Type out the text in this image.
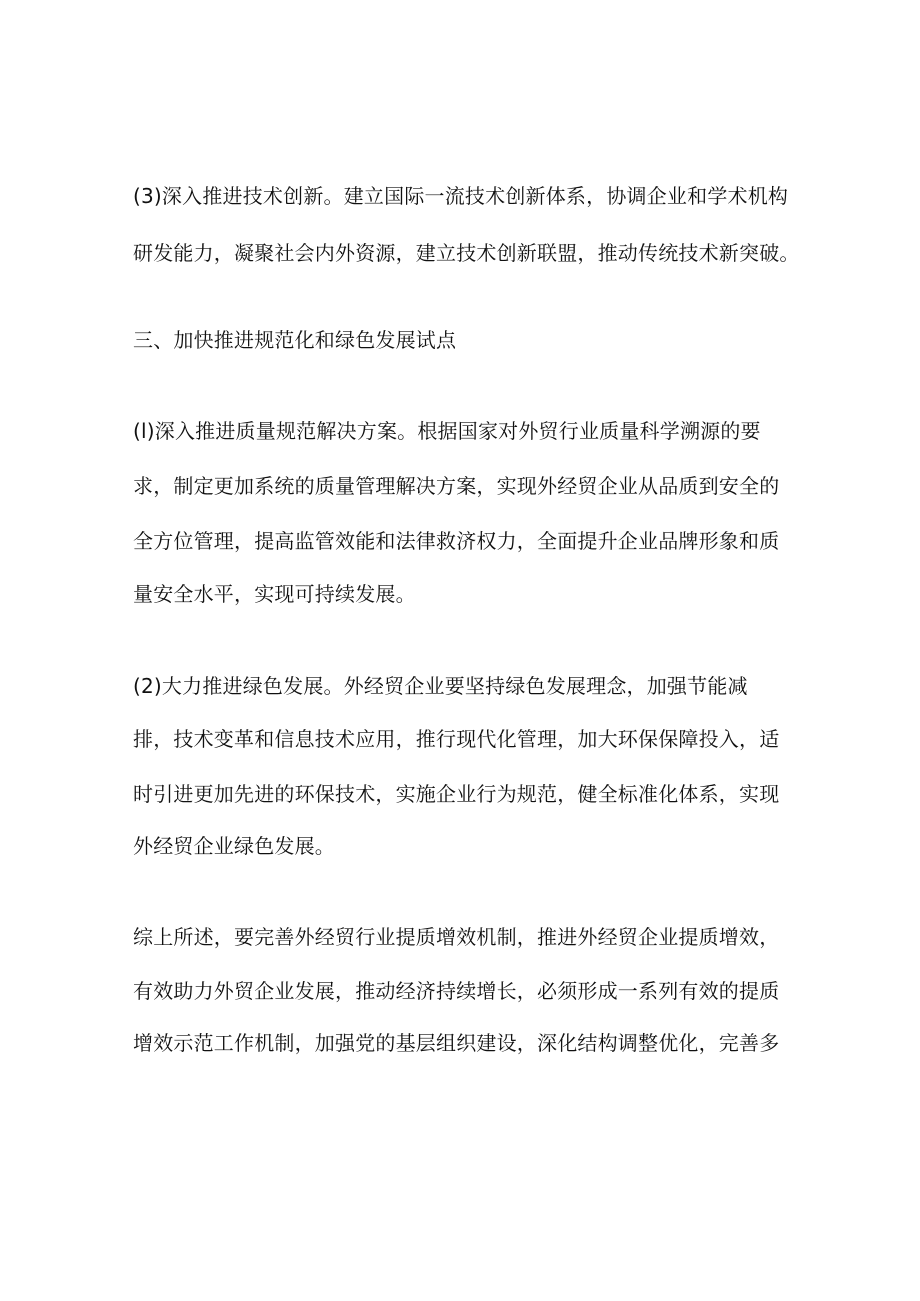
(3)深入推进技术创新。建立国际一流技术创新体系，协调企业和学术机构
研发能力，凝聚社会内外资源，建立技术创新联盟，推动传统技术新突破。
三、加快推进规范化和绿色发展试点
(l)深入推进质量规范解决方案。根据国家对外贸行业质量科学溯源的要
求，制定更加系统的质量管理解决方案，实现外经贸企业从品质到安全的
全方位管理，提高监管效能和法律救济权力，全面提升企业品牌形象和质
量安全水平，实现可持续发展。
(2)大力推进绿色发展。外经贸企业要坚持绿色发展理念，加强节能减
排，技术变革和信息技术应用，推行现代化管理，加大环保保障投入，适
时引进更加先进的环保技术，实施企业行为规范，健全标准化体系，实现
外经贸企业绿色发展。
综上所述，要完善外经贸行业提质增效机制，推进外经贸企业提质增效，
有效助力外贸企业发展，推动经济持续增长，必须形成一系列有效的提质
增效示范工作机制，加强党的基层组织建设，深化结构调整优化，完善多
